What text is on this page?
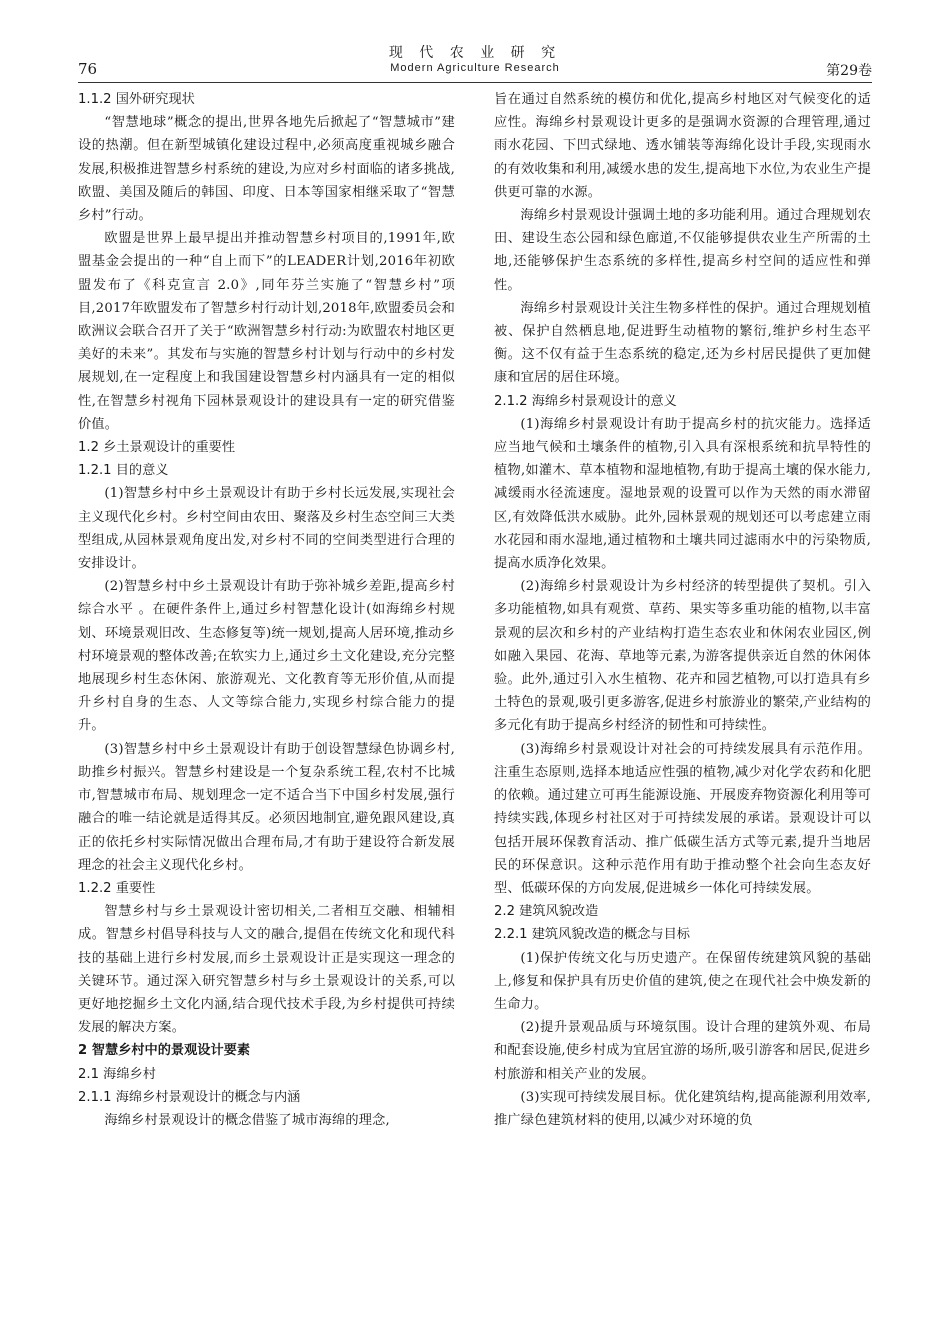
76
现 代 农 业 研 究
Modern Agriculture Research	第29卷

1.1.2 国外研究现状

“智慧地球”概念的提出,世界各地先后掀起了“智慧城市”建设的热潮。但在新型城镇化建设过程中,必须高度重视城乡融合发展,积极推进智慧乡村系统的建设,为应对乡村面临的诸多挑战,欧盟、美国及随后的韩国、印度、日本等国家相继采取了“智慧乡村”行动。

欧盟是世界上最早提出并推动智慧乡村项目的,1991年,欧盟基金会提出的一种“自上而下”的LEADER计划,2016年初欧盟发布了《科克宣言 2.0》,同年芬兰实施了“智慧乡村”项目,2017年欧盟发布了智慧乡村行动计划,2018年,欧盟委员会和欧洲议会联合召开了关于“欧洲智慧乡村行动:为欧盟农村地区更美好的未来”。其发布与实施的智慧乡村计划与行动中的乡村发展规划,在一定程度上和我国建设智慧乡村内涵具有一定的相似性,在智慧乡村视角下园林景观设计的建设具有一定的研究借鉴价值。

1.2 乡土景观设计的重要性

1.2.1 目的意义

(1)智慧乡村中乡土景观设计有助于乡村长远发展,实现社会主义现代化乡村。乡村空间由农田、聚落及乡村生态空间三大类型组成,从园林景观角度出发,对乡村不同的空间类型进行合理的安排设计。

(2)智慧乡村中乡土景观设计有助于弥补城乡差距,提高乡村综合水平 。在硬件条件上,通过乡村智慧化设计(如海绵乡村规划、环境景观旧改、生态修复等)统一规划,提高人居环境,推动乡村环境景观的整体改善;在软实力上,通过乡土文化建设,充分完整地展现乡村生态休闲、旅游观光、文化教育等无形价值,从而提升乡村自身的生态、人文等综合能力,实现乡村综合能力的提升。

(3)智慧乡村中乡土景观设计有助于创设智慧绿色协调乡村,助推乡村振兴。智慧乡村建设是一个复杂系统工程,农村不比城市,智慧城市布局、规划理念一定不适合当下中国乡村发展,强行融合的唯一结论就是适得其反。必须因地制宜,避免跟风建设,真正的依托乡村实际情况做出合理布局,才有助于建设符合新发展理念的社会主义现代化乡村。

1.2.2 重要性

智慧乡村与乡土景观设计密切相关,二者相互交融、相辅相成。智慧乡村倡导科技与人文的融合,提倡在传统文化和现代科技的基础上进行乡村发展,而乡土景观设计正是实现这一理念的关键环节。通过深入研究智慧乡村与乡土景观设计的关系,可以更好地挖掘乡土文化内涵,结合现代技术手段,为乡村提供可持续发展的解决方案。

2 智慧乡村中的景观设计要素

2.1 海绵乡村

2.1.1 海绵乡村景观设计的概念与内涵

海绵乡村景观设计的概念借鉴了城市海绵的理念,

旨在通过自然系统的模仿和优化,提高乡村地区对气候变化的适应性。海绵乡村景观设计更多的是强调水资源的合理管理,通过雨水花园、下凹式绿地、透水铺装等海绵化设计手段,实现雨水的有效收集和利用,减缓水患的发生,提高地下水位,为农业生产提供更可靠的水源。

海绵乡村景观设计强调土地的多功能利用。通过合理规划农田、建设生态公园和绿色廊道,不仅能够提供农业生产所需的土地,还能够保护生态系统的多样性,提高乡村空间的适应性和弹性。

海绵乡村景观设计关注生物多样性的保护。通过合理规划植被、保护自然栖息地,促进野生动植物的繁衍,维护乡村生态平衡。这不仅有益于生态系统的稳定,还为乡村居民提供了更加健康和宜居的居住环境。

2.1.2 海绵乡村景观设计的意义

(1)海绵乡村景观设计有助于提高乡村的抗灾能力。选择适应当地气候和土壤条件的植物,引入具有深根系统和抗旱特性的植物,如灌木、草本植物和湿地植物,有助于提高土壤的保水能力,减缓雨水径流速度。湿地景观的设置可以作为天然的雨水滞留区,有效降低洪水威胁。此外,园林景观的规划还可以考虑建立雨水花园和雨水湿地,通过植物和土壤共同过滤雨水中的污染物质,提高水质净化效果。

(2)海绵乡村景观设计为乡村经济的转型提供了契机。引入多功能植物,如具有观赏、草药、果实等多重功能的植物,以丰富景观的层次和乡村的产业结构打造生态农业和休闲农业园区,例如融入果园、花海、草地等元素,为游客提供亲近自然的休闲体验。此外,通过引入水生植物、花卉和园艺植物,可以打造具有乡土特色的景观,吸引更多游客,促进乡村旅游业的繁荣,产业结构的多元化有助于提高乡村经济的韧性和可持续性。

(3)海绵乡村景观设计对社会的可持续发展具有示范作用。注重生态原则,选择本地适应性强的植物,减少对化学农药和化肥的依赖。通过建立可再生能源设施、开展废弃物资源化利用等可持续实践,体现乡村社区对于可持续发展的承诺。景观设计可以包括开展环保教育活动、推广低碳生活方式等元素,提升当地居民的环保意识。这种示范作用有助于推动整个社会向生态友好型、低碳环保的方向发展,促进城乡一体化可持续发展。

2.2 建筑风貌改造

2.2.1 建筑风貌改造的概念与目标

(1)保护传统文化与历史遗产。在保留传统建筑风貌的基础上,修复和保护具有历史价值的建筑,使之在现代社会中焕发新的生命力。

(2)提升景观品质与环境氛围。设计合理的建筑外观、布局和配套设施,使乡村成为宜居宜游的场所,吸引游客和居民,促进乡村旅游和相关产业的发展。

(3)实现可持续发展目标。优化建筑结构,提高能源利用效率,推广绿色建筑材料的使用,以减少对环境的负
